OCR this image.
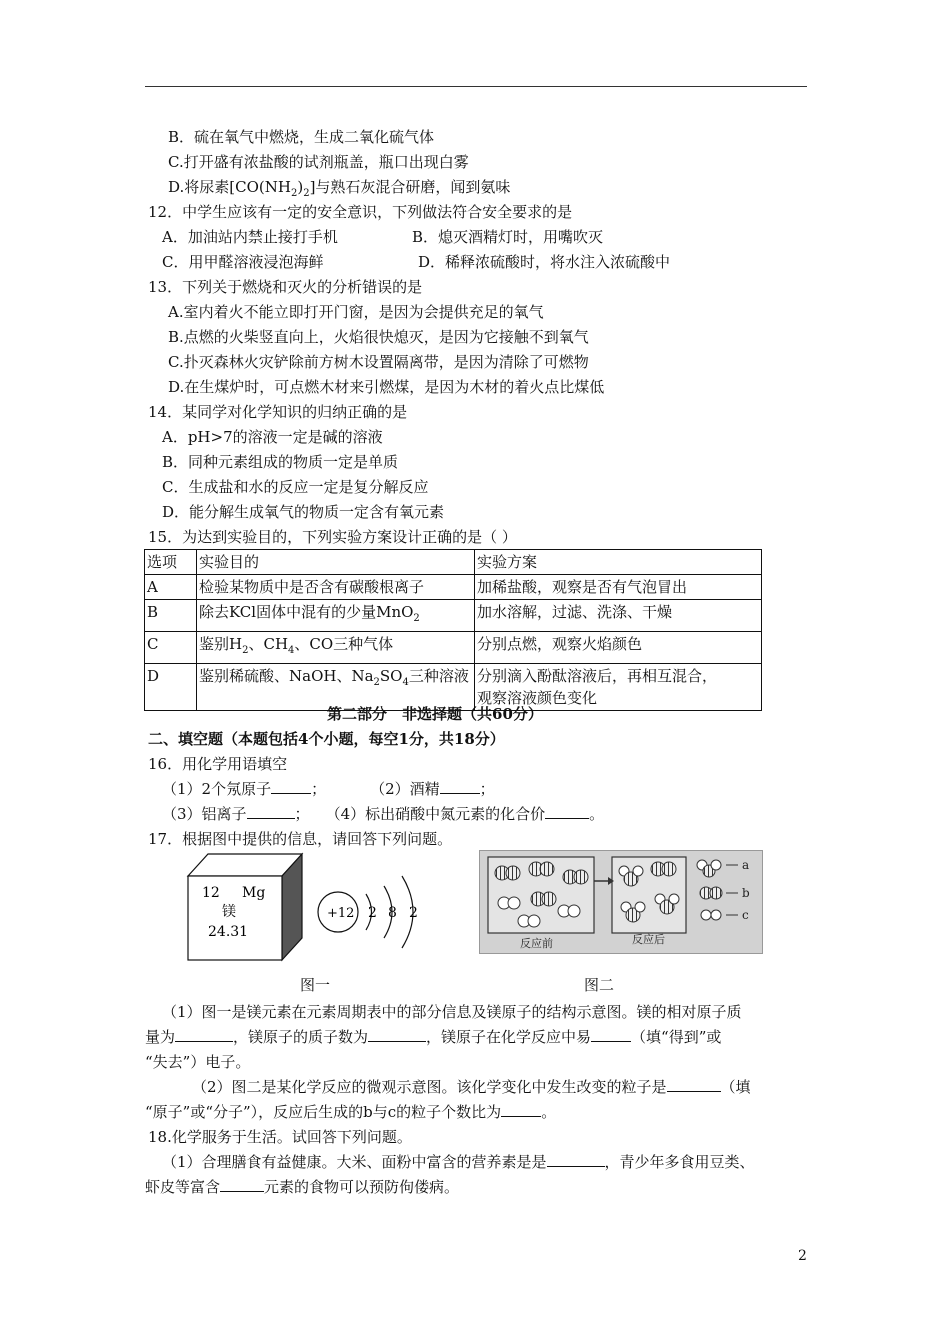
B．硫在氧气中燃烧，生成二氧化硫气体
C.打开盛有浓盐酸的试剂瓶盖，瓶口出现白雾
D.将尿素$[CO(NH_2)_2]$与熟石灰混合研磨，闻到氨味
12．中学生应该有一定的安全意识，下列做法符合安全要求的是
A．加油站内禁止接打手机	B．熄灭酒精灯时，用嘴吹灭
C．用甲醛溶液浸泡海鲜	D．稀释浓硫酸时，将水注入浓硫酸中
13．下列关于燃烧和灭火的分析错误的是
A.室内着火不能立即打开门窗，是因为会提供充足的氧气
B.点燃的火柴竖直向上，火焰很快熄灭，是因为它接触不到氧气
C.扑灭森林火灾铲除前方树木设置隔离带，是因为清除了可燃物
D.在生煤炉时，可点燃木材来引燃煤，是因为木材的着火点比煤低
14．某同学对化学知识的归纳正确的是
A．pH>7的溶液一定是碱的溶液
B．同种元素组成的物质一定是单质
C．生成盐和水的反应一定是复分解反应
D．能分解生成氧气的物质一定含有氧元素
15．为达到实验目的，下列实验方案设计正确的是（ ）
选项	实验目的	实验方案
A	检验某物质中是否含有碳酸根离子	加稀盐酸，观察是否有气泡冒出
B	除去KCl固体中混有的少量MnO$_2$	加水溶解，过滤、洗涤、干燥
C	鉴别$H_2$、$CH_4$、CO三种气体	分别点燃，观察火焰颜色
D	鉴别稀硫酸、NaOH、$Na_2SO_4$三种溶液	分别滴入酚酞溶液后，再相互混合，
观察溶液颜色变化
第二部分　非选择题（共60分）
二、填空题（本题包括4个小题，每空1分，共18分）
16．用化学用语填空
（1）2个氖原子	；	（2）酒精	；
（3）铝离子	； （4）标出硝酸中氮元素的化合价	。
17．根据图中提供的信息，请回答下列问题。
12 Mg
镁
24.31
+12 2 8 2
a
b
c
反应前	反应后
图一	图二
（1）图一是镁元素在元素周期表中的部分信息及镁原子的结构示意图。镁的相对原子质
量为	，镁原子的质子数为	，镁原子在化学反应中易	（填“得到”或
“失去”）电子。
（2）图二是某化学反应的微观示意图。该化学变化中发生改变的粒子是	（填
“原子”或“分子”），反应后生成的b与c的粒子个数比为	。
18.化学服务于生活。试回答下列问题。
（1）合理膳食有益健康。大米、面粉中富含的营养素是是	，青少年多食用豆类、
虾皮等富含	元素的食物可以预防佝偻病。
2
